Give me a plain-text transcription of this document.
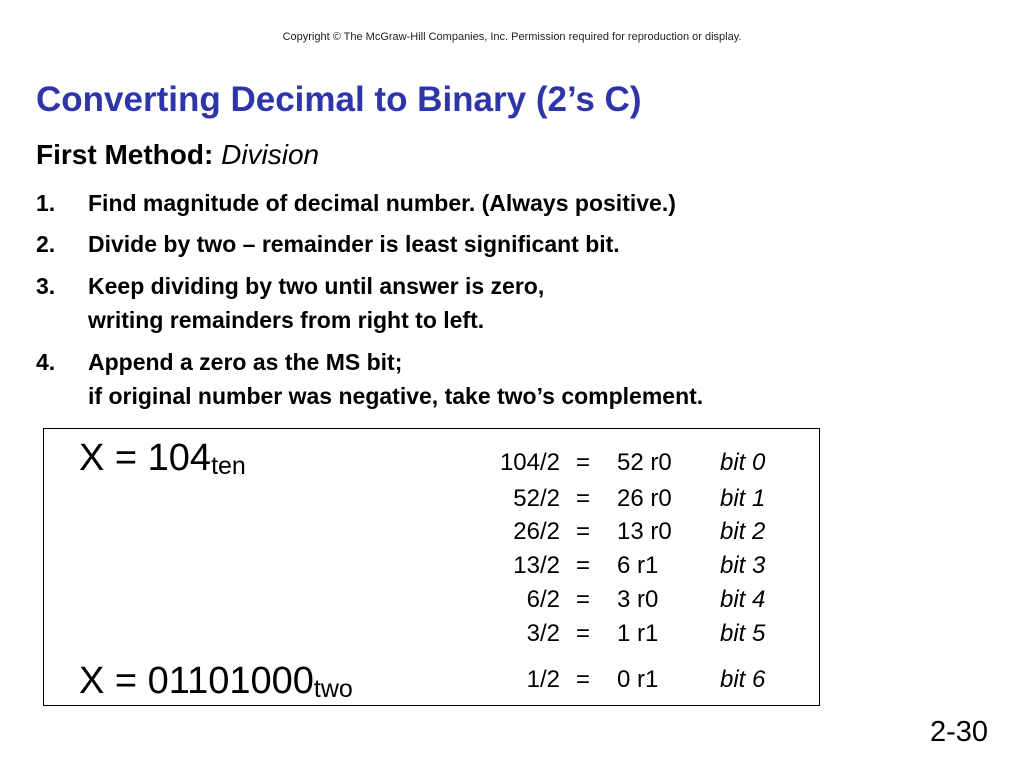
Copyright © The McGraw-Hill Companies, Inc. Permission required for reproduction or display.
Converting Decimal to Binary (2’s C)
First Method: Division
1. Find magnitude of decimal number. (Always positive.)
2. Divide by two – remainder is least significant bit.
3. Keep dividing by two until answer is zero,
writing remainders from right to left.
4. Append a zero as the MS bit;
if original number was negative, take two’s complement.
$X = 104_{ten}$
$X = 01101000_{two}$
104/2 = 52 r0 bit 0
52/2 = 26 r0 bit 1
26/2 = 13 r0 bit 2
13/2 = 6 r1	bit 3
6/2 = 3 r0	bit 4
3/2 = 1 r1	bit 5
1/2 = 0 r1	bit 6
2-30
